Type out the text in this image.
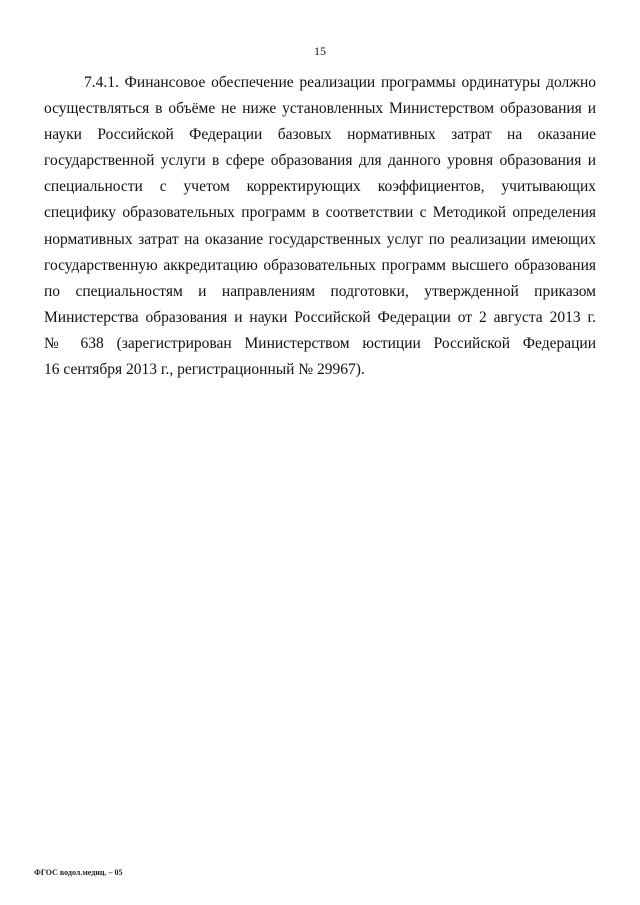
15
7.4.1. Финансовое обеспечение реализации программы ординатуры должно
осуществляться в объёме не ниже установленных Министерством образования и
науки Российской Федерации базовых нормативных затрат на оказание
государственной услуги в сфере образования для данного уровня образования и
специальности с учетом корректирующих коэффициентов, учитывающих
специфику образовательных программ в соответствии с Методикой определения
нормативных затрат на оказание государственных услуг по реализации имеющих
государственную аккредитацию образовательных программ высшего образования
по специальностям и направлениям подготовки, утвержденной приказом
Министерства образования и науки Российской Федерации от 2 августа 2013 г.
№ 638 (зарегистрирован Министерством юстиции Российской Федерации
16 сентября 2013 г., регистрационный № 29967).
ФГОС водол.медиц. – 05
